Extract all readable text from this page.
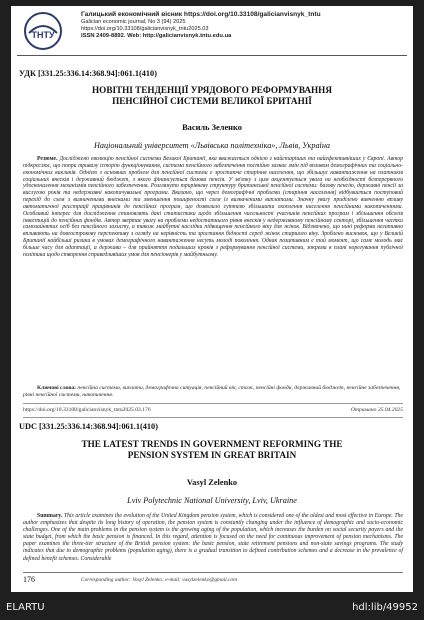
ТНТУ
Галицький економічний вісник https://doi.org/10.33108/galicianvisnyk_tntu
Galician economic journal, No 3 (94) 2025
https://doi.org/10.33108/galicianvisnyk_tntu2025.03
ISSN 2409-8892. Web: http://galicianvisnyk.tntu.edu.ua
УДК [331.25:336.14:368.94]:061.1(410)
НОВІТНІ ТЕНДЕНЦІЇ УРЯДОВОГО РЕФОРМУВАННЯ
ПЕНСІЙНОЇ СИСТЕМИ ВЕЛИКОЇ БРИТАНІЇ
Василь Зеленко
Національний університет «Львівська політехніка», Львів, Україна

Резюме. Досліджено еволюцію пенсійної системи Великої Британії, яка вважається однією з найстаріших та найефективніших у Європі. Автор підкреслює, що попри тривалу історію функціонування, система пенсійного забезпечення постійно зазнає змін під впливом демографічних та соціально-економічних викликів. Однією з основних проблем для пенсійної системи є зростаюче старіння населення, що збільшує навантаження на платників соціальних внесків і державний бюджет, з якого фінансується базова пенсія. У зв'язку з цим акцентується увага на необхідності безперервного удосконалення механізмів пенсійного забезпечення. Розглянуто трирівневу структуру британської пенсійної системи: базову пенсію, державні пенсії за вислугою років та недержавні накопичувальні програми. Вказано, що через демографічні проблеми (старіння населення) відбувається поступовий перехід до схем з визначеними внесками та зменшення поширеності схем із визначеними виплатами. Значну увагу приділено вивченню впливу автоматичної реєстрації працівників до пенсійних програм, що дозволило суттєво збільшити охоплення населення пенсійними накопиченнями. Особливий інтерес для дослідження становлять дані статистики щодо збільшення чисельності учасників пенсійних програм і збільшення обсягів інвестицій до пенсійних фондів. Автор звертає увагу на проблеми недостатнього рівня внесків у недержавному пенсійному секторі, збільшення частки самозайнятих осіб без пенсійного захисту, а також майбутні наслідки підвищення пенсійного віку для жінок. Відзначено, що нині реформи негативно впливають на довгострокову перспективу з огляду на нерівність та зростання бідності серед жінок старшого віку. Зроблено висновок, що у Великій Британії найбільші ризики в умовах демографічного навантаження несуть молоді покоління. Однак позитивним є той момент, що саме молодь має більше часу для адаптації, а держава – для прийняття подальших кроків з реформування пенсійної системи, зокрема в плані корегування публічної політики щодо створення справедливіших умов для пенсіонерів у майбутньому.

Ключові слова: пенсійна система, виплати, демографічна ситуація, пенсійний вік, стаж, пенсійні фонди, державний бюджет, пенсійне забезпечення, рівні пенсійної системи, накопичення.

https://doi.org/10.33108/galicianvisnyk_tntu2025.03.176	Отримано 25.04.2025
UDC [331.25:336.14:368.94]:061.1(410)
THE LATEST TRENDS IN GOVERNMENT REFORMING THE
PENSION SYSTEM IN GREAT BRITAIN
Vasyl Zelenko
Lviv Polytechnic National University, Lviv, Ukraine

Summary. This article examines the evolution of the United Kingdom pension system, which is considered one of the oldest and most effective in Europe. The author emphasizes that despite its long history of operation, the pension system is constantly changing under the influence of demographic and socio-economic challenges. One of the main problems in the pension system is the growing aging of the population, which increases the burden on social security payers and the state budget, from which the basic pension is financed. In this regard, attention is focused on the need for continuous improvement of pension mechanisms. The paper examines the three-tier structure of the British pension system: the basic pension, state retirement pensions and non-state savings programs. The study indicates that due to demographic problems (population aging), there is a gradual transition to defined contribution schemes and a decrease in the prevalence of defined benefit schemes. Considerable

176	Corresponding author: Vasyl Zelenko; e-mail: vasylzelenko@gmail.com
ELARTU	hdl:lib/49952
